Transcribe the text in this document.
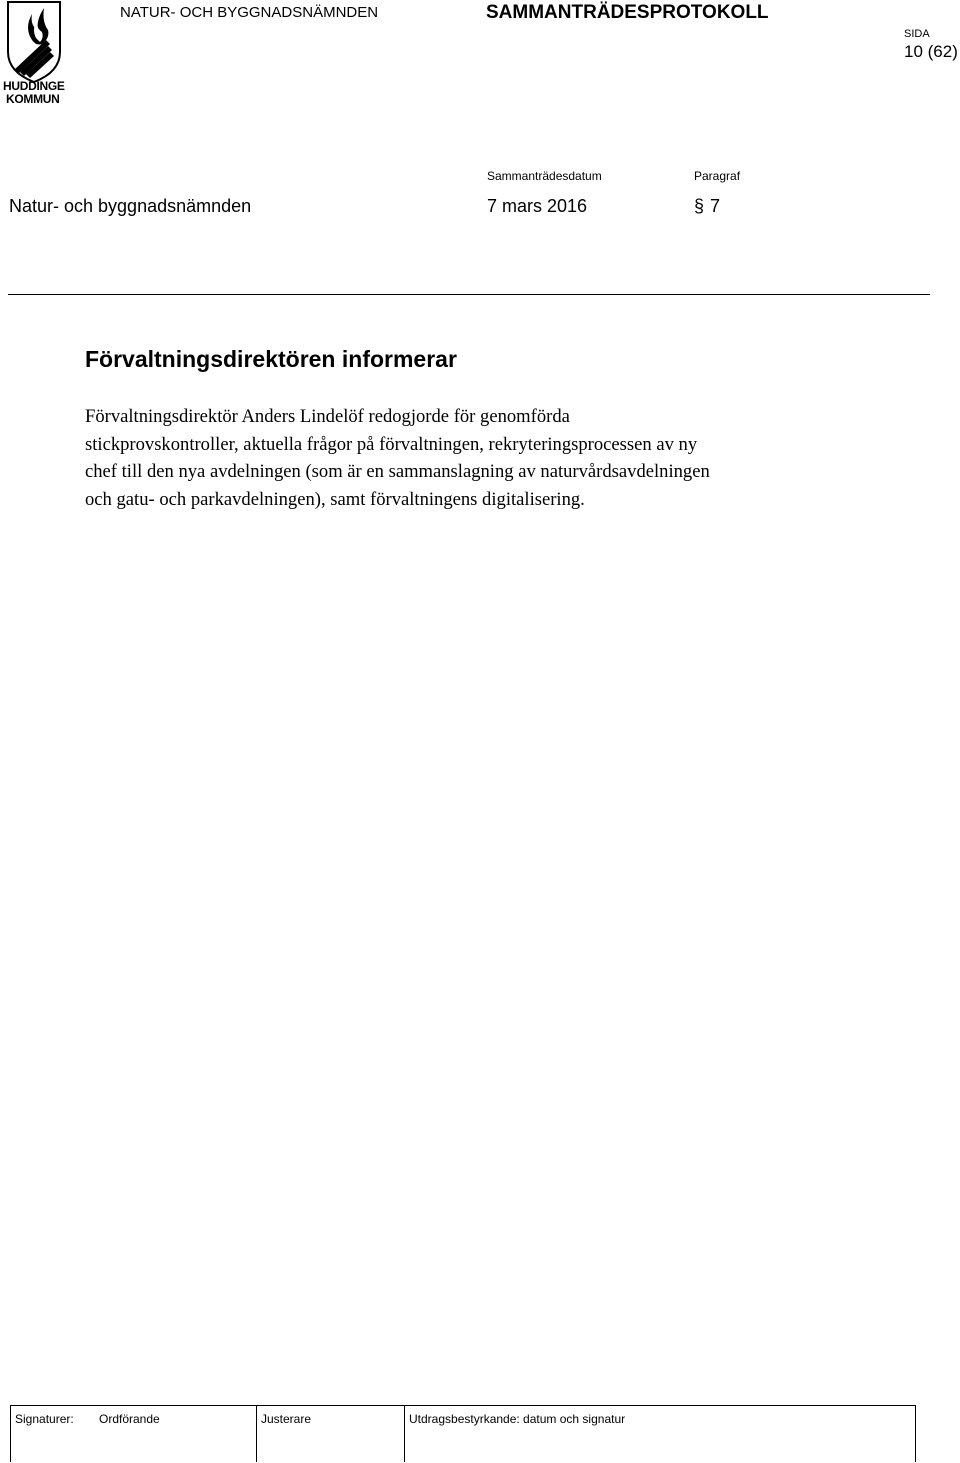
HUDDINGE
KOMMUN
NATUR- OCH BYGGNADSNÄMNDEN	SAMMANTRÄDESPROTOKOLL
SIDA
10 (62)
Sammanträdesdatum	Paragraf
Natur- och byggnadsnämnden	7 mars 2016	§ 7
Förvaltningsdirektören informerar
Förvaltningsdirektör Anders Lindelöf redogjorde för genomförda
stickprovskontroller, aktuella frågor på förvaltningen, rekryteringsprocessen av ny
chef till den nya avdelningen (som är en sammanslagning av naturvårdsavdelningen
och gatu- och parkavdelningen), samt förvaltningens digitalisering.
Signaturer: Ordförande	Justerare	Utdragsbestyrkande: datum och signatur
